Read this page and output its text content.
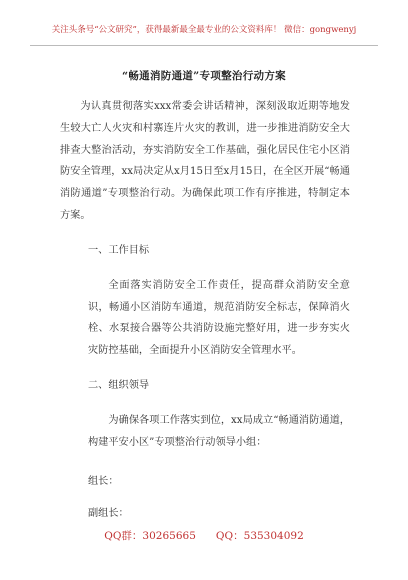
关注头条号“公文研究”，获得最新最全最专业的公文资料库！ 微信：gongwenyj
“畅通消防通道”专项整治行动方案

为认真贯彻落实xxx常委会讲话精神，深刻汲取近期等地发生较大亡人火灾和村寨连片火灾的教训，进一步推进消防安全大排查大整治活动，夯实消防安全工作基础，强化居民住宅小区消防安全管理，xx局决定从x月15日至x月15日，在全区开展“畅通消防通道”专项整治行动。为确保此项工作有序推进，特制定本方案。

一、工作目标

全面落实消防安全工作责任，提高群众消防安全意识，畅通小区消防车通道，规范消防安全标志，保障消火栓、水泵接合器等公共消防设施完整好用，进一步夯实火灾防控基础，全面提升小区消防安全管理水平。

二、组织领导

为确保各项工作落实到位，xx局成立“畅通消防通道，构建平安小区”专项整治行动领导小组：

组长：
副组长：
QQ群：30265665 QQ：535304092
